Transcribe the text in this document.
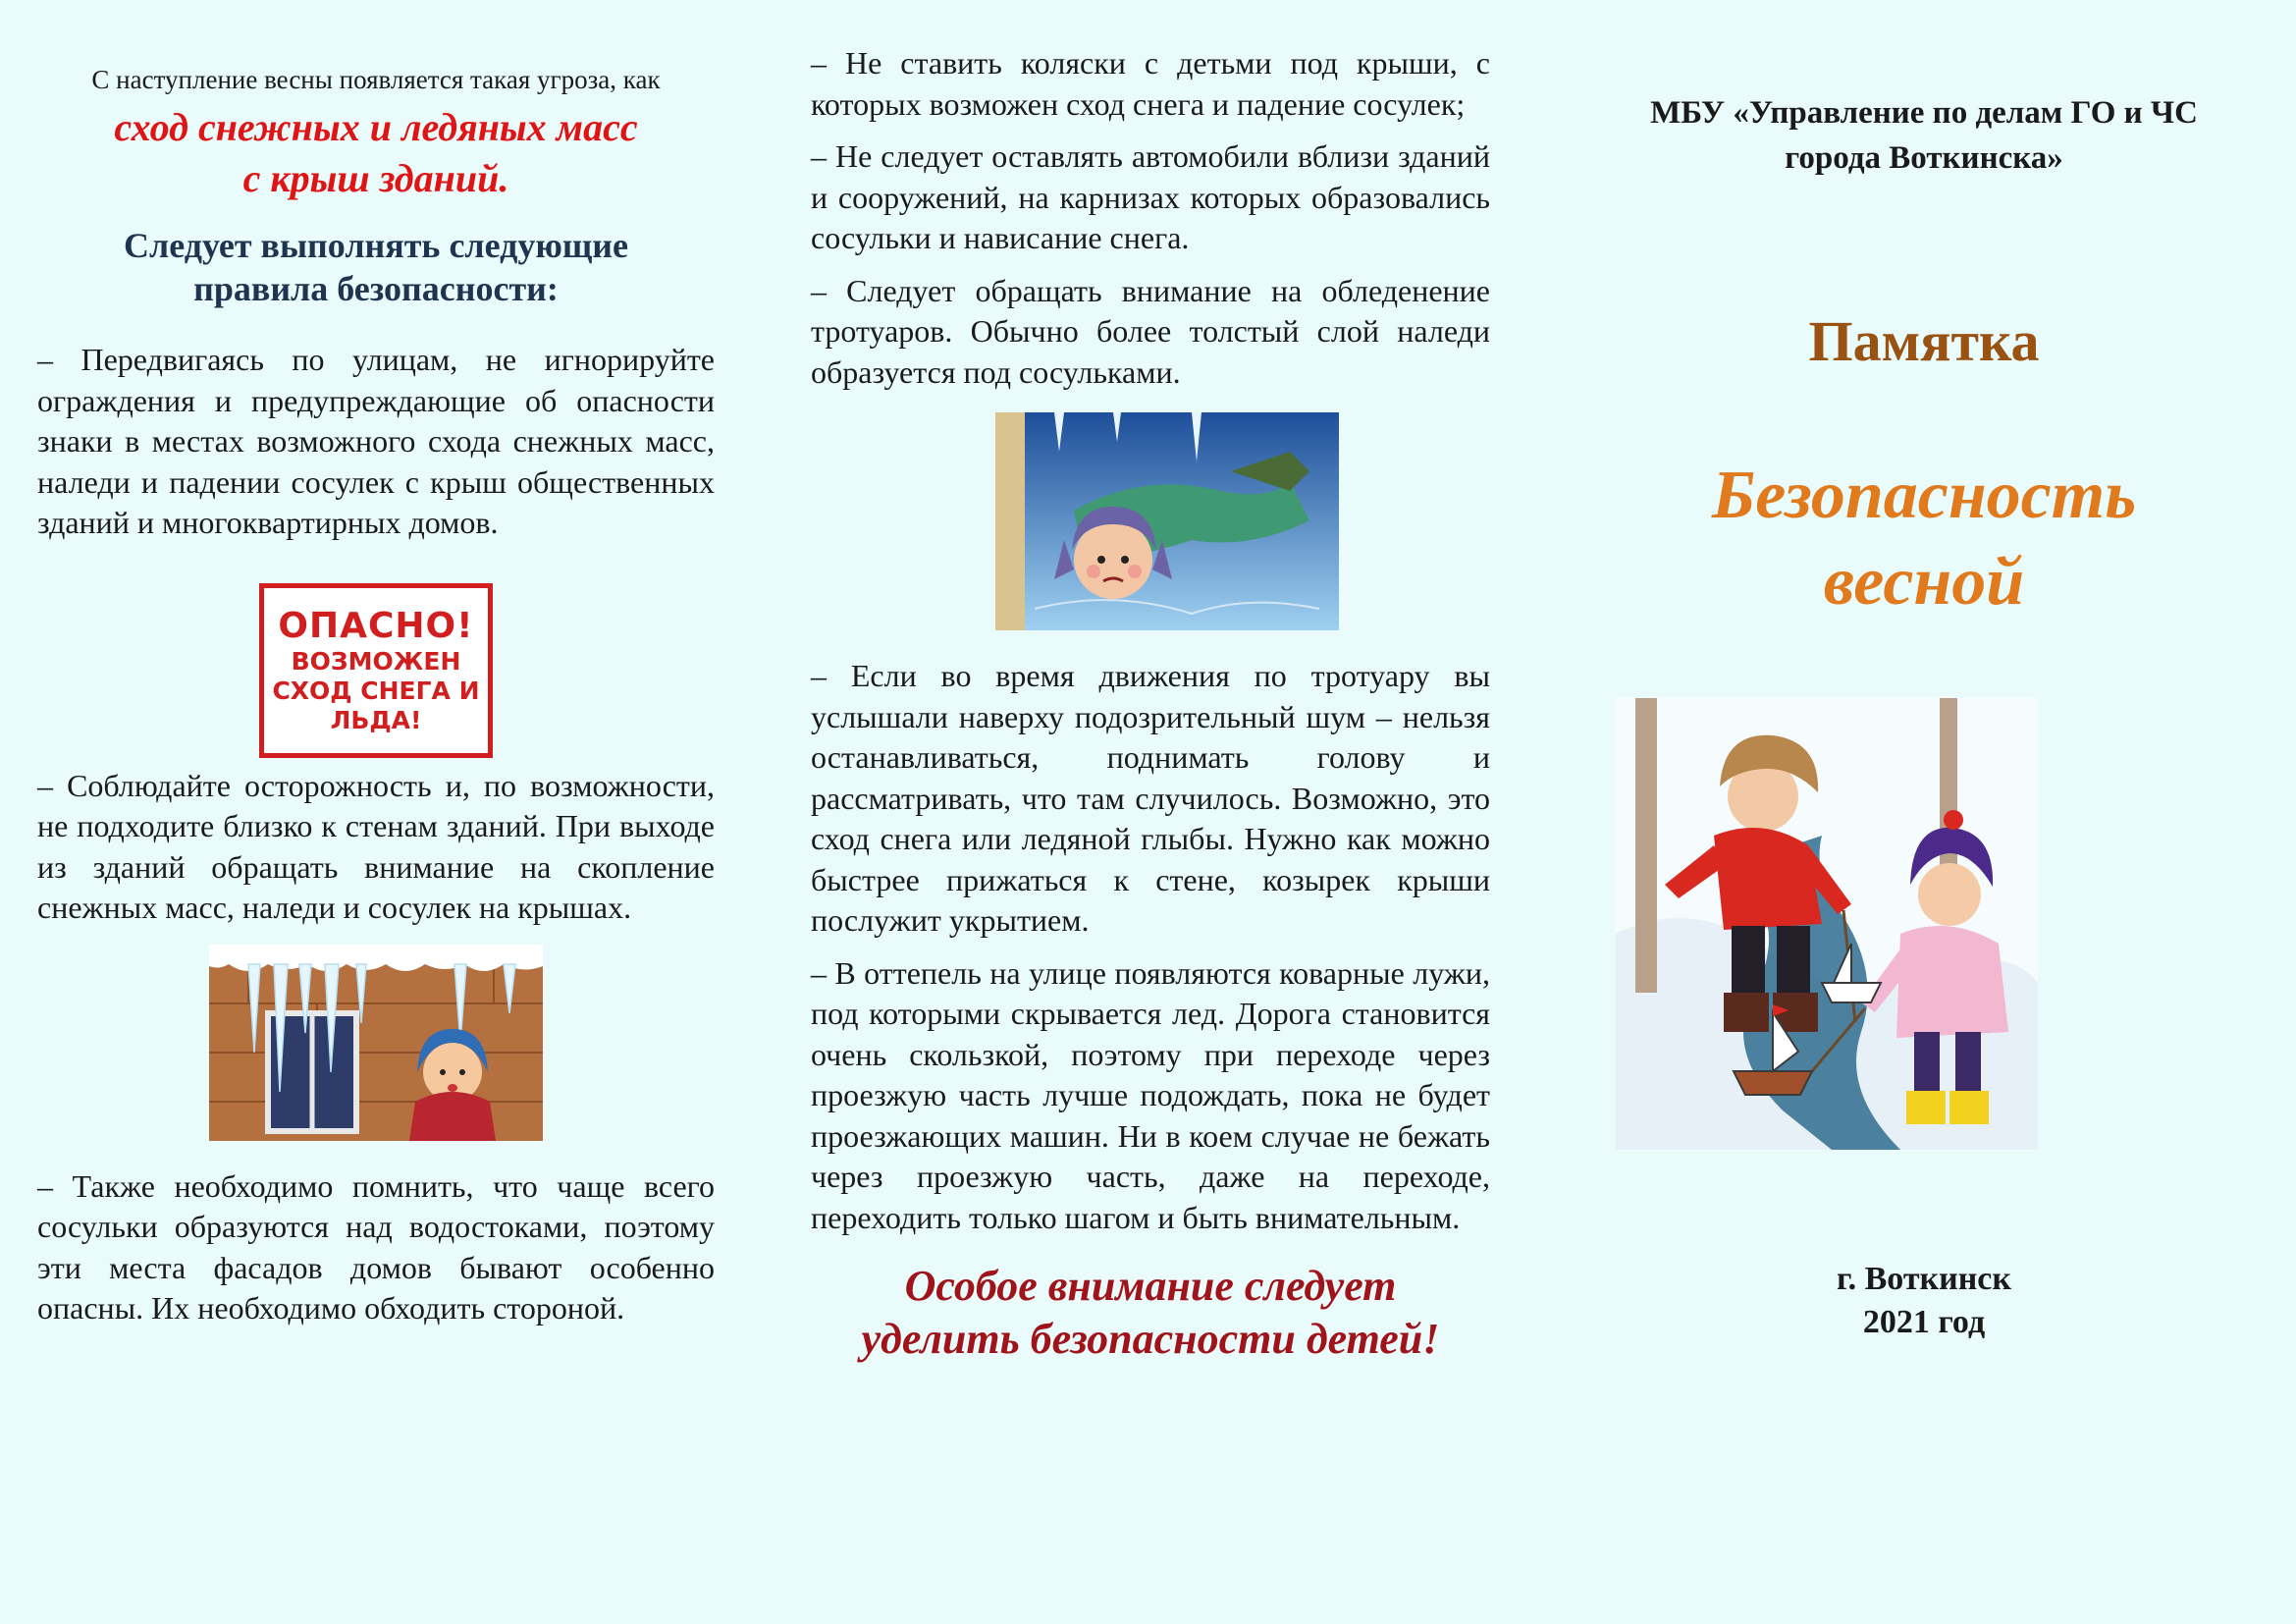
С наступление весны появляется такая угроза, как
сход снежных и ледяных масс
с крыш зданий.
Следует выполнять следующие
правила безопасности:

– Передвигаясь по улицам, не игнорируйте ограждения и предупреждающие об опасности знаки в местах возможного схода снежных масс, наледи и падении сосулек с крыш общественных зданий и многоквартирных домов.

ОПАСНО!
ВОЗМОЖЕН
СХОД СНЕГА И
ЛЬДА!

– Соблюдайте осторожность и, по возможности, не подходите близко к стенам зданий. При выходе из зданий обращать внимание на скопление снежных масс, наледи и сосулек на крышах.

– Также необходимо помнить, что чаще всего сосульки образуются над водостоками, поэтому эти места фасадов домов бывают особенно опасны. Их необходимо обходить стороной.

– Не ставить коляски с детьми под крыши, с которых возможен сход снега и падение сосулек;

– Не следует оставлять автомобили вблизи зданий и сооружений, на карнизах которых образовались сосульки и нависание снега.

– Следует обращать внимание на обледенение тротуаров. Обычно более толстый слой наледи образуется под сосульками.

– Если во время движения по тротуару вы услышали наверху подозрительный шум – нельзя останавливаться, поднимать голову и рассматривать, что там случилось. Возможно, это сход снега или ледяной глыбы. Нужно как можно быстрее прижаться к стене, козырек крыши послужит укрытием.

– В оттепель на улице появляются коварные лужи, под которыми скрывается лед. Дорога становится очень скользкой, поэтому при переходе через проезжую часть лучше подождать, пока не будет проезжающих машин. Ни в коем случае не бежать через проезжую часть, даже на переходе, переходить только шагом и быть внимательным.

Особое внимание следует
уделить безопасности детей!
МБУ «Управление по делам ГО и ЧС
города Воткинска»
Памятка
Безопасность
весной
г. Воткинск
2021 год
